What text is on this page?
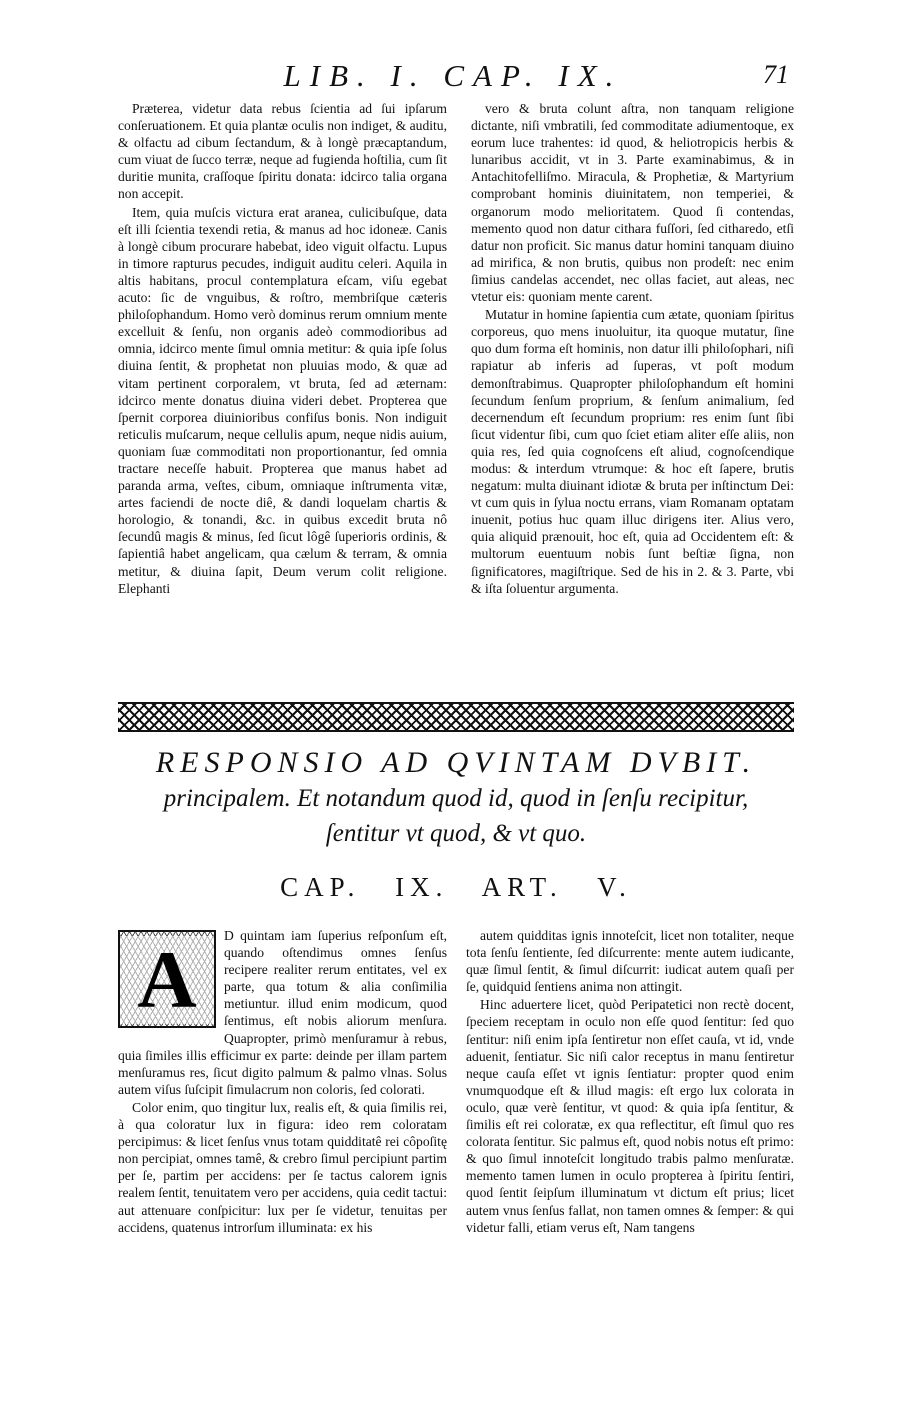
LIB. I. CAP. IX.	71

Præterea, videtur data rebus ſcientia ad ſui ipſarum conſeruationem. Et quia plantæ oculis non indiget, & auditu, & olfactu ad cibum ſectandum, & à longè præcaptandum, cum viuat de ſucco terræ, neque ad fugienda hoſtilia, cum ſit duritie munita, craſſoque ſpiritu donata: idcirco talia organa non accepit.

Item, quia muſcis victura erat aranea, culicibuſque, data eſt illi ſcientia texendi retia, & manus ad hoc idoneæ. Canis à longè cibum procurare habebat, ideo viguit olfactu. Lupus in timore rapturus pecudes, indiguit auditu celeri. Aquila in altis habitans, procul contemplatura eſcam, viſu egebat acuto: ſic de vnguibus, & roſtro, membriſque cæteris philoſophandum. Homo verò dominus rerum omnium mente excelluit & ſenſu, non organis adeò commodioribus ad omnia, idcirco mente ſimul omnia metitur: & quia ipſe ſolus diuina ſentit, & prophetat non pluuias modo, & quæ ad vitam pertinent corporalem, vt bruta, ſed ad æternam: idcirco mente donatus diuina videri debet. Propterea que ſpernit corporea diuinioribus confiſus bonis. Non indiguit reticulis muſcarum, neque cellulis apum, neque nidis auium, quoniam ſuæ commoditati non proportionantur, ſed omnia tractare neceſſe habuit. Propterea que manus habet ad paranda arma, veſtes, cibum, omniaque inſtrumenta vitæ, artes faciendi de nocte diê, & dandi loquelam chartis & horologio, & tonandi, &c. in quibus excedit bruta nô ſecundû magis & minus, ſed ſicut lôgê ſuperioris ordinis, & ſapientiâ habet angelicam, qua cælum & terram, & omnia metitur, & diuina ſapit, Deum verum colit religione. Elephanti

vero & bruta colunt aſtra, non tanquam religione dictante, niſi vmbratili, ſed commoditate adiumentoque, ex eorum luce trahentes: id quod, & heliotropicis herbis & lunaribus accidit, vt in 3. Parte examinabimus, & in Antachitofelliſmo. Miracula, & Prophetiæ, & Martyrium comprobant hominis diuinitatem, non temperiei, & organorum modo melioritatem. Quod ſi contendas, memento quod non datur cithara fuſſori, ſed citharedo, etſi datur non proficit. Sic manus datur homini tanquam diuino ad mirifica, & non brutis, quibus non prodeſt: nec enim ſimius candelas accendet, nec ollas faciet, aut aleas, nec vtetur eis: quoniam mente carent.

Mutatur in homine ſapientia cum ætate, quoniam ſpiritus corporeus, quo mens inuoluitur, ita quoque mutatur, ſine quo dum forma eſt hominis, non datur illi philoſophari, niſi rapiatur ab inferis ad ſuperas, vt poſt modum demonſtrabimus. Quapropter philoſophandum eſt homini ſecundum ſenſum proprium, & ſenſum animalium, ſed decernendum eſt ſecundum proprium: res enim ſunt ſibi ſicut videntur ſibi, cum quo ſciet etiam aliter eſſe aliis, non quia res, ſed quia cognoſcens eſt aliud, cognoſcendique modus: & interdum vtrumque: & hoc eſt ſapere, brutis negatum: multa diuinant idiotæ & bruta per inſtinctum Dei: vt cum quis in ſylua noctu errans, viam Romanam optatam inuenit, potius huc quam illuc dirigens iter. Alius vero, quia aliquid prænouit, hoc eſt, quia ad Occidentem eſt: & multorum euentuum nobis ſunt beſtiæ ſigna, non ſignificatores, magiſtrique. Sed de his in 2. & 3. Parte, vbi & iſta ſoluentur argumenta.

RESPONSIO AD QVINTAM DVBIT.
principalem. Et notandum quod id, quod in ſenſu recipitur,
ſentitur vt quod, & vt quo.
CAP. IX. ART. V.
A	D quintam iam ſuperius reſponſum eſt, quando oſtendimus omnes ſenſus recipere realiter rerum entitates, vel ex parte, qua totum & alia conſimilia metiuntur. illud enim modicum, quod ſentimus, eſt nobis aliorum menſura. Quapropter, primò menſuramur à rebus, quia ſimiles illis efficimur ex parte: deinde per illam partem menſuramus res, ſicut digito palmum & palmo vlnas. Solus autem viſus ſuſcipit ſimulacrum non coloris, ſed colorati.

Color enim, quo tingitur lux, realis eſt, & quia ſimilis rei, à qua coloratur lux in figura: ideo rem coloratam percipimus: & licet ſenſus vnus totam quidditatê rei côpoſitę non percipiat, omnes tamê, & crebro ſimul percipiunt partim per ſe, partim per accidens: per ſe tactus calorem ignis realem ſentit, tenuitatem vero per accidens, quia cedit tactui: aut attenuare conſpicitur: lux per ſe videtur, tenuitas per accidens, quatenus introrſum illuminata: ex his

autem quidditas ignis innoteſcit, licet non totaliter, neque tota ſenſu ſentiente, ſed diſcurrente: mente autem iudicante, quæ ſimul ſentit, & ſimul diſcurrit: iudicat autem quaſi per ſe, quidquid ſentiens anima non attingit.

Hinc aduertere licet, quòd Peripatetici non rectè docent, ſpeciem receptam in oculo non eſſe quod ſentitur: ſed quo ſentitur: niſi enim ipſa ſentiretur non eſſet cauſa, vt id, vnde aduenit, ſentiatur. Sic niſi calor receptus in manu ſentiretur neque cauſa eſſet vt ignis ſentiatur: propter quod enim vnumquodque eſt & illud magis: eſt ergo lux colorata in oculo, quæ verè ſentitur, vt quod: & quia ipſa ſentitur, & ſimilis eſt rei coloratæ, ex qua reflectitur, eſt ſimul quo res colorata ſentitur. Sic palmus eſt, quod nobis notus eſt primo: & quo ſimul innoteſcit longitudo trabis palmo menſuratæ. memento tamen lumen in oculo propterea à ſpiritu ſentiri, quod ſentit ſeipſum illuminatum vt dictum eſt prius; licet autem vnus ſenſus fallat, non tamen omnes & ſemper: & qui videtur falli, etiam verus eſt, Nam tangens
